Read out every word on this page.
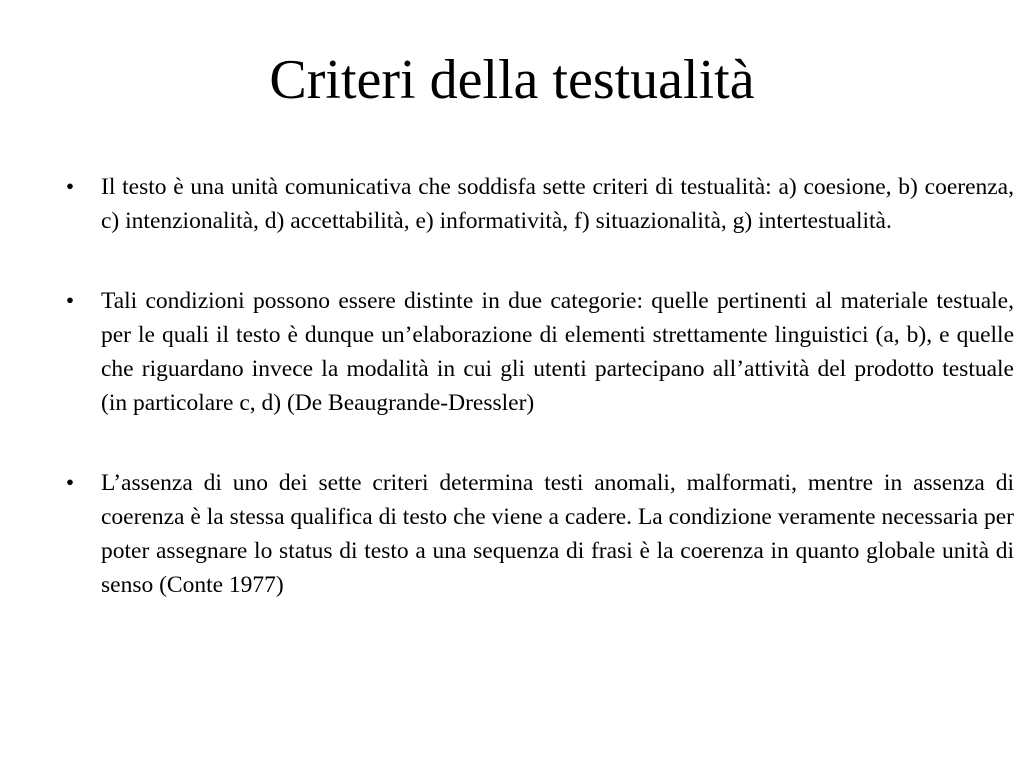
Criteri della testualità
• Il testo è una unità comunicativa che soddisfa sette criteri di testualità: a) coesione, b) coerenza, c) intenzionalità, d) accettabilità, e) informatività, f) situazionalità, g) intertestualità.
• Tali condizioni possono essere distinte in due categorie: quelle pertinenti al materiale testuale, per le quali il testo è dunque un’elaborazione di elementi strettamente linguistici (a, b), e quelle che riguardano invece la modalità in cui gli utenti partecipano all’attività del prodotto testuale (in particolare c, d) (De Beaugrande-Dressler)
• L’assenza di uno dei sette criteri determina testi anomali, malformati, mentre in assenza di coerenza è la stessa qualifica di testo che viene a cadere. La condizione veramente necessaria per poter assegnare lo status di testo a una sequenza di frasi è la coerenza in quanto globale unità di senso (Conte 1977)
